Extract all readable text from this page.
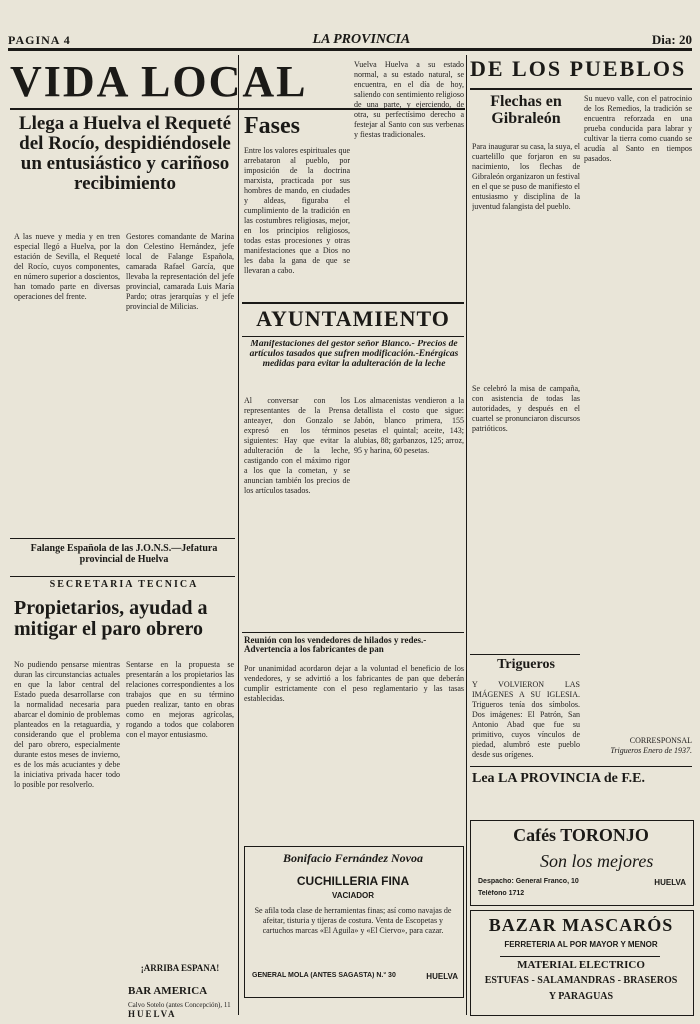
PAGINA 4	LA PROVINCIA	Dia: 20
VIDA LOCAL
Llega a Huelva el Requeté del Rocío, despidiéndosele un entusiástico y cariñoso recibimiento
A las nueve y media y en tren especial llegó a Huelva, por la estación de Sevilla, el Requeté del Rocío, cuyos componentes, en número superior a doscientos, han tomado parte en diversas operaciones del frente.
Gestores comandante de Marina don Celestino Hernández, jefe local de Falange Española, camarada Rafael García, que llevaba la representación del jefe provincial, camarada Luis María Pardo; otras jerarquías y el jefe provincial de Milicias.
Falange Española de las J.O.N.S.—Jefatura provincial de Huelva
SECRETARIA TECNICA
Propietarios, ayudad a mitigar el paro obrero
No pudiendo pensarse mientras duran las circunstancias actuales en que la labor central del Estado pueda desarrollarse con la normalidad necesaria para abarcar el dominio de problemas planteados en la retaguardia, y considerando que el problema del paro obrero, especialmente durante estos meses de invierno, es de los más acuciantes y debe la iniciativa privada hacer todo lo posible por resolverlo.
Sentarse en la propuesta se presentarán a los propietarios las relaciones correspondientes a los trabajos que en su término pueden realizar, tanto en obras como en mejoras agrícolas, rogando a todos que colaboren con el mayor entusiasmo.
¡ARRIBA ESPAÑA!
Fases
Entre los valores espirituales que arrebataron al pueblo, por imposición de la doctrina marxista, practicada por sus hombres de mando, en ciudades y aldeas, figuraba el cumplimiento de la tradición en las costumbres religiosas, mejor, en los principios religiosos, todas estas procesiones y otras manifestaciones que a Dios no les daba la gana de que se llevaran a cabo.
Vuelva Huelva a su estado normal, a su estado natural, se encuentra, en el día de hoy, saliendo con sentimiento religioso de una parte, y ejerciendo, de otra, su perfectísimo derecho a festejar al Santo con sus verbenas y fiestas tradicionales.
AYUNTAMIENTO
Manifestaciones del gestor señor Blanco.- Precios de artículos tasados que sufren modificación.-Enérgicas medidas para evitar la adulteración de la leche
Al conversar con los representantes de la Prensa anteayer, don Gonzalo se expresó en los términos siguientes: Hay que evitar la adulteración de la leche, castigando con el máximo rigor a los que la cometan, y se anuncian también los precios de los artículos tasados.
Los almacenistas vendieron a la detallista el costo que sigue: Jabón, blanco primera, 155 pesetas el quintal; aceite, 143; alubias, 88; garbanzos, 125; arroz, 95 y harina, 60 pesetas.
Reunión con los vendedores de hilados y redes.-Advertencia a los fabricantes de pan
Por unanimidad acordaron dejar a la voluntad el beneficio de los vendedores, y se advirtió a los fabricantes de pan que deberán cumplir estrictamente con el peso reglamentario y las tasas establecidas.
Bonifacio Fernández Novoa
CUCHILLERIA FINA
VACIADOR
Se afila toda clase de herramientas finas; así como navajas de afeitar, tisturia y tijeras de costura. Venta de Escopetas y cartuchos marcas «El Aguila» y «El Ciervo», para cazar.
GENERAL MOLA (ANTES SAGASTA) N.° 30	HUELVA
BAR AMERICA
Calvo Sotelo (antes Concepción), 11
HUELVA
DE LOS PUEBLOS
Flechas en Gibraleón
Para inaugurar su casa, la suya, el cuartelillo que forjaron en su nacimiento, los flechas de Gibraleón organizaron un festival en el que se puso de manifiesto el entusiasmo y disciplina de la juventud falangista del pueblo.
Se celebró la misa de campaña, con asistencia de todas las autoridades, y después en el cuartel se pronunciaron discursos patrióticos.
Su nuevo valle, con el patrocinio de los Remedios, la tradición se encuentra reforzada en una prueba conducida para labrar y cultivar la tierra como cuando se acudía al Santo en tiempos pasados.
Trigueros
Y VOLVIERON LAS IMÁGENES A SU IGLESIA. Trigueros tenía dos símbolos. Dos imágenes: El Patrón, San Antonio Abad que fue su primitivo, cuyos vínculos de piedad, alumbró este pueblo desde sus orígenes.
CORRESPONSAL
Trigueros Enero de 1937.
Lea LA PROVINCIA de F.E.
Cafés TORONJO
Son los mejores
Despacho: General Franco, 10	HUELVA
Teléfono 1712
BAZAR MASCARÓS
FERRETERIA AL POR MAYOR Y MENOR
MATERIAL ELÉCTRICO
ESTUFAS - SALAMANDRAS - BRASEROS
Y PARAGUAS
